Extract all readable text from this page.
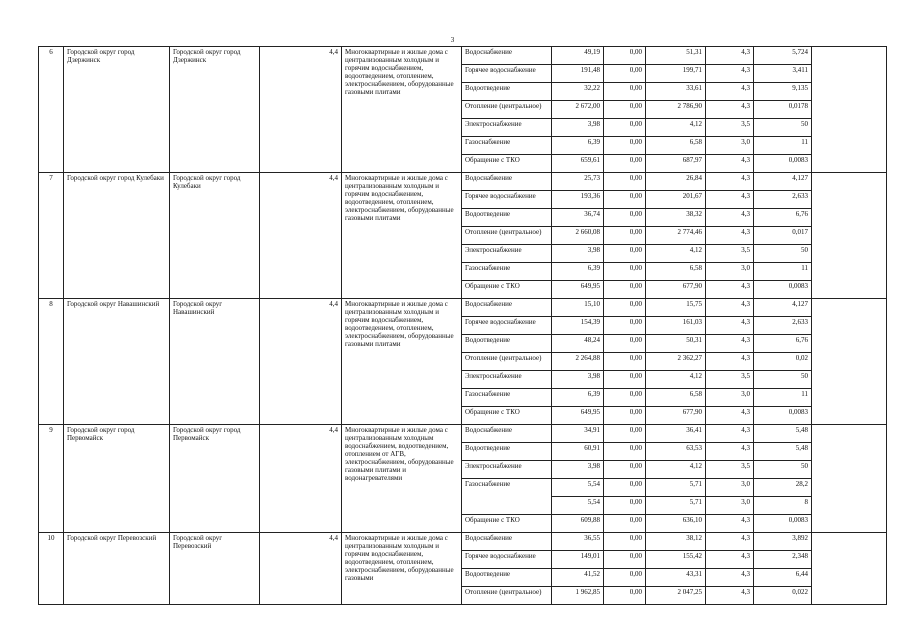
3
6	Городской округ город Дзержинск	Городской округ город Дзержинск	4,4	Многоквартирные и жилые дома с централизованным холодным и горячим водоснабжением, водоотведением, отоплением, электроснабжением, оборудованные газовыми плитами	Водоснабжение	49,19	0,00	51,31	4,3	5,724	
					Горячее водоснабжение	191,48	0,00	199,71	4,3	3,411	
					Водоотведение	32,22	0,00	33,61	4,3	9,135	
					Отопление (центральное)	2 672,00	0,00	2 786,90	4,3	0,0178	
					Электроснабжение	3,98	0,00	4,12	3,5	50	
					Газоснабжение	6,39	0,00	6,58	3,0	11	
					Обращение с ТКО	659,61	0,00	687,97	4,3	0,0083	
7	Городской округ город Кулебаки	Городской округ город Кулебаки	4,4	Многоквартирные и жилые дома с централизованным холодным и горячим водоснабжением, водоотведением, отоплением, электроснабжением, оборудованные газовыми плитами	Водоснабжение	25,73	0,00	26,84	4,3	4,127	
					Горячее водоснабжение	193,36	0,00	201,67	4,3	2,633	
					Водоотведение	36,74	0,00	38,32	4,3	6,76	
					Отопление (центральное)	2 660,08	0,00	2 774,46	4,3	0,017	
					Электроснабжение	3,98	0,00	4,12	3,5	50	
					Газоснабжение	6,39	0,00	6,58	3,0	11	
					Обращение с ТКО	649,95	0,00	677,90	4,3	0,0083	
8	Городской округ Навашинский	Городской округ Навашинский	4,4	Многоквартирные и жилые дома с централизованным холодным и горячим водоснабжением, водоотведением, отоплением, электроснабжением, оборудованные газовыми плитами	Водоснабжение	15,10	0,00	15,75	4,3	4,127	
					Горячее водоснабжение	154,39	0,00	161,03	4,3	2,633	
					Водоотведение	48,24	0,00	50,31	4,3	6,76	
					Отопление (центральное)	2 264,88	0,00	2 362,27	4,3	0,02	
					Электроснабжение	3,98	0,00	4,12	3,5	50	
					Газоснабжение	6,39	0,00	6,58	3,0	11	
					Обращение с ТКО	649,95	0,00	677,90	4,3	0,0083	
9	Городской округ город Первомайск	Городской округ город Первомайск	4,4	Многоквартирные и жилые дома с централизованным холодным водоснабжением, водоотведением, отоплением от АГВ, электроснабжением, оборудованные газовыми плитами и водонагревателями	Водоснабжение	34,91	0,00	36,41	4,3	5,48	
					Водоотведение	60,91	0,00	63,53	4,3	5,48	
					Электроснабжение	3,98	0,00	4,12	3,5	50	
					Газоснабжение	5,54	0,00	5,71	3,0	28,2	
						5,54	0,00	5,71	3,0	8	
					Обращение с ТКО	609,88	0,00	636,10	4,3	0,0083	
10	Городской округ Перевозский	Городской округ Перевозский	4,4	Многоквартирные и жилые дома с централизованным холодным и горячим водоснабжением, водоотведением, отоплением, электроснабжением, оборудованные газовыми	Водоснабжение	36,55	0,00	38,12	4,3	3,892	
					Горячее водоснабжение	149,01	0,00	155,42	4,3	2,348	
					Водоотведение	41,52	0,00	43,31	4,3	6,44	
					Отопление (центральное)	1 962,85	0,00	2 047,25	4,3	0,022	
